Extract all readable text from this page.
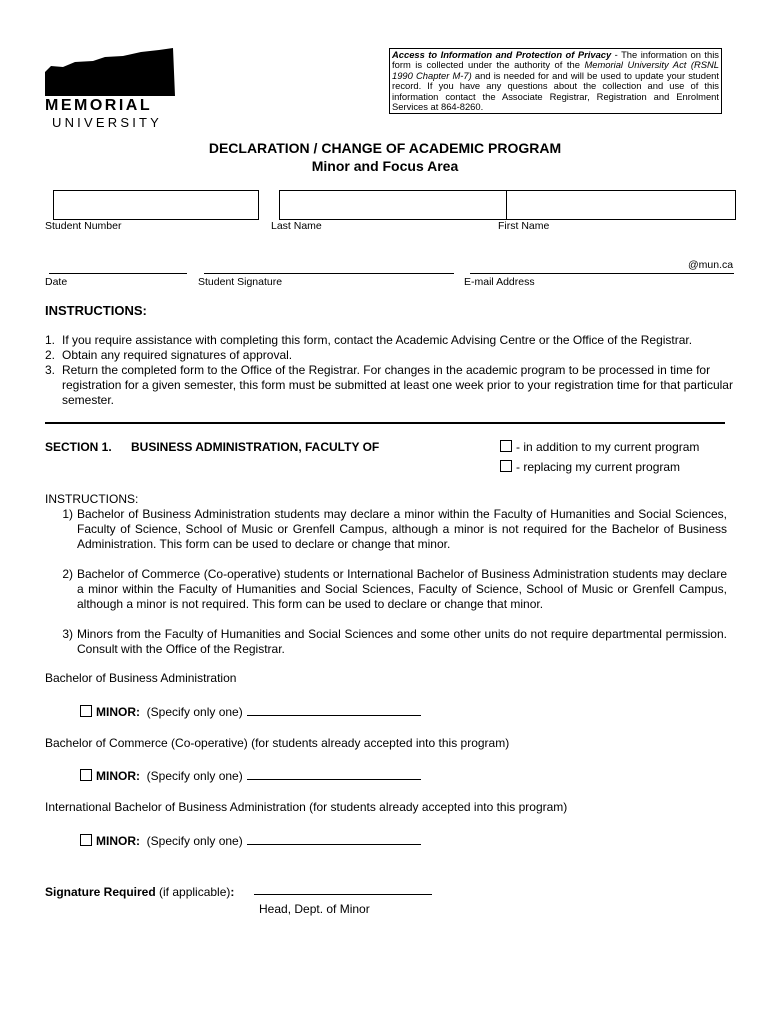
MEMORIAL
UNIVERSITY
Access to Information and Protection of Privacy - The information on this form is collected under the authority of the Memorial University Act (RSNL 1990 Chapter M-7) and is needed for and will be used to update your student record. If you have any questions about the collection and use of this information contact the Associate Registrar, Registration and Enrolment Services at 864-8260.
DECLARATION / CHANGE OF ACADEMIC PROGRAM
Minor and Focus Area
Student Number	Last Name	First Name
@mun.ca
Date	Student Signature	E-mail Address
INSTRUCTIONS:
1. If you require assistance with completing this form, contact the Academic Advising Centre or the Office of the Registrar.
2. Obtain any required signatures of approval.
3. Return the completed form to the Office of the Registrar. For changes in the academic program to be processed in time for registration for a given semester, this form must be submitted at least one week prior to your registration time for that particular semester.
SECTION 1. BUSINESS ADMINISTRATION, FACULTY OF	- in addition to my current program
- replacing my current program
INSTRUCTIONS:
1) Bachelor of Business Administration students may declare a minor within the Faculty of Humanities and Social Sciences, Faculty of Science, School of Music or Grenfell Campus, although a minor is not required for the Bachelor of Business Administration. This form can be used to declare or change that minor.
2) Bachelor of Commerce (Co-operative) students or International Bachelor of Business Administration students may declare a minor within the Faculty of Humanities and Social Sciences, Faculty of Science, School of Music or Grenfell Campus, although a minor is not required. This form can be used to declare or change that minor.
3) Minors from the Faculty of Humanities and Social Sciences and some other units do not require departmental permission. Consult with the Office of the Registrar.
Bachelor of Business Administration
MINOR: (Specify only one)
Bachelor of Commerce (Co-operative) (for students already accepted into this program)
MINOR: (Specify only one)
International Bachelor of Business Administration (for students already accepted into this program)
MINOR: (Specify only one)
Signature Required (if applicable):
Head, Dept. of Minor
